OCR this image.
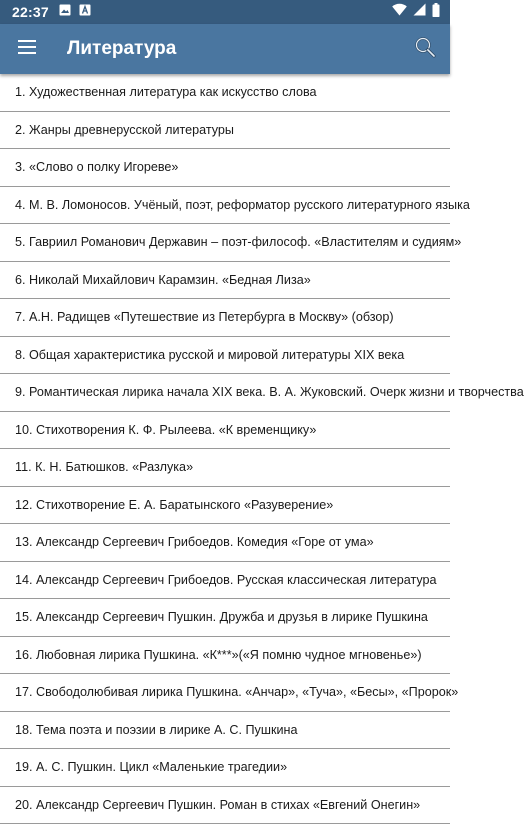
22:37
Литература
1. Художественная литература как искусство слова
2. Жанры древнерусской литературы
3. «Слово о полку Игореве»
4. М. В. Ломоносов. Учёный, поэт, реформатор русского литературного языка
5. Гавриил Романович Державин – поэт-философ. «Властителям и судиям»
6. Николай Михайлович Карамзин. «Бедная Лиза»
7. А.Н. Радищев «Путешествие из Петербурга в Москву» (обзор)
8. Общая характеристика русской и мировой литературы XIX века
9. Романтическая лирика начала XIX века. В. А. Жуковский. Очерк жизни и творчества
10. Стихотворения К. Ф. Рылеева. «К временщику»
11. К. Н. Батюшков. «Разлука»
12. Стихотворение Е. А. Баратынского «Разуверение»
13. Александр Сергеевич Грибоедов. Комедия «Горе от ума»
14. Александр Сергеевич Грибоедов. Русская классическая литература
15. Александр Сергеевич Пушкин. Дружба и друзья в лирике Пушкина
16. Любовная лирика Пушкина. «К***»(«Я помню чудное мгновенье»)
17. Свободолюбивая лирика Пушкина. «Анчар», «Туча», «Бесы», «Пророк»
18. Тема поэта и поэзии в лирике А. С. Пушкина
19. А. С. Пушкин. Цикл «Маленькие трагедии»
20. Александр Сергеевич Пушкин. Роман в стихах «Евгений Онегин»
